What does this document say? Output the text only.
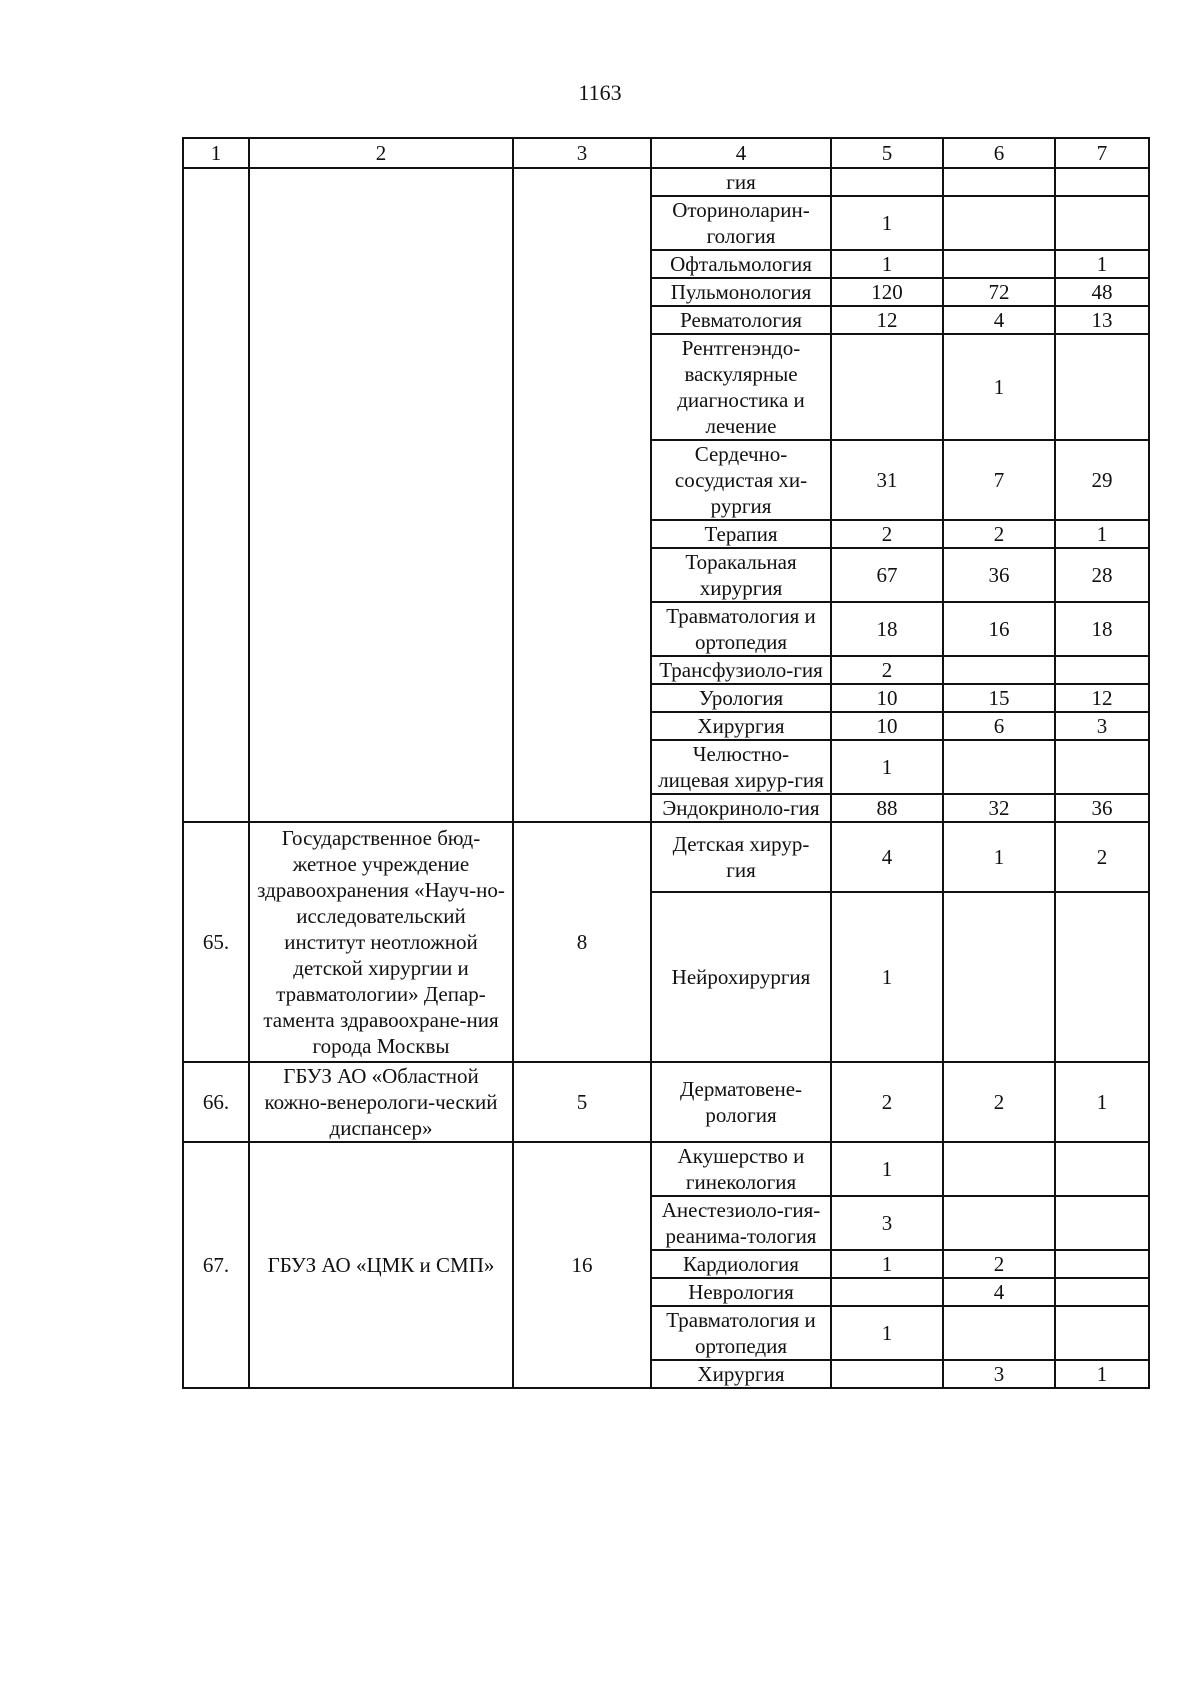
1163
1	2	3	4	5	6	7
			гия			
			Оториноларин-гология	1		
			Офтальмология	1		1
			Пульмонология	120	72	48
			Ревматология	12	4	13
			Рентгенэндо-васкулярные диагностика и лечение		1	
			Сердечно-сосудистая хи-рургия	31	7	29
			Терапия	2	2	1
			Торакальная хирургия	67	36	28
			Травматология и ортопедия	18	16	18
			Трансфузиоло-гия	2		
			Урология	10	15	12
			Хирургия	10	6	3
			Челюстно-лицевая хирур-гия	1		
			Эндокриноло-гия	88	32	36
65.	Государственное бюд-жетное учреждение здравоохранения «Науч-но-исследовательский институт неотложной детской хирургии и травматологии» Депар-тамента здравоохране-ния города Москвы	8	Детская хирур-гия	4	1	2
			Нейрохирургия	1		
66.	ГБУЗ АО «Областной кожно-венерологи-ческий диспансер»	5	Дерматовене-рология	2	2	1
67.	ГБУЗ АО «ЦМК и СМП»	16	Акушерство и гинекология	1		
			Анестезиоло-гия-реанима-тология	3		
			Кардиология	1	2	
			Неврология		4	
			Травматология и ортопедия	1		
			Хирургия		3	1
